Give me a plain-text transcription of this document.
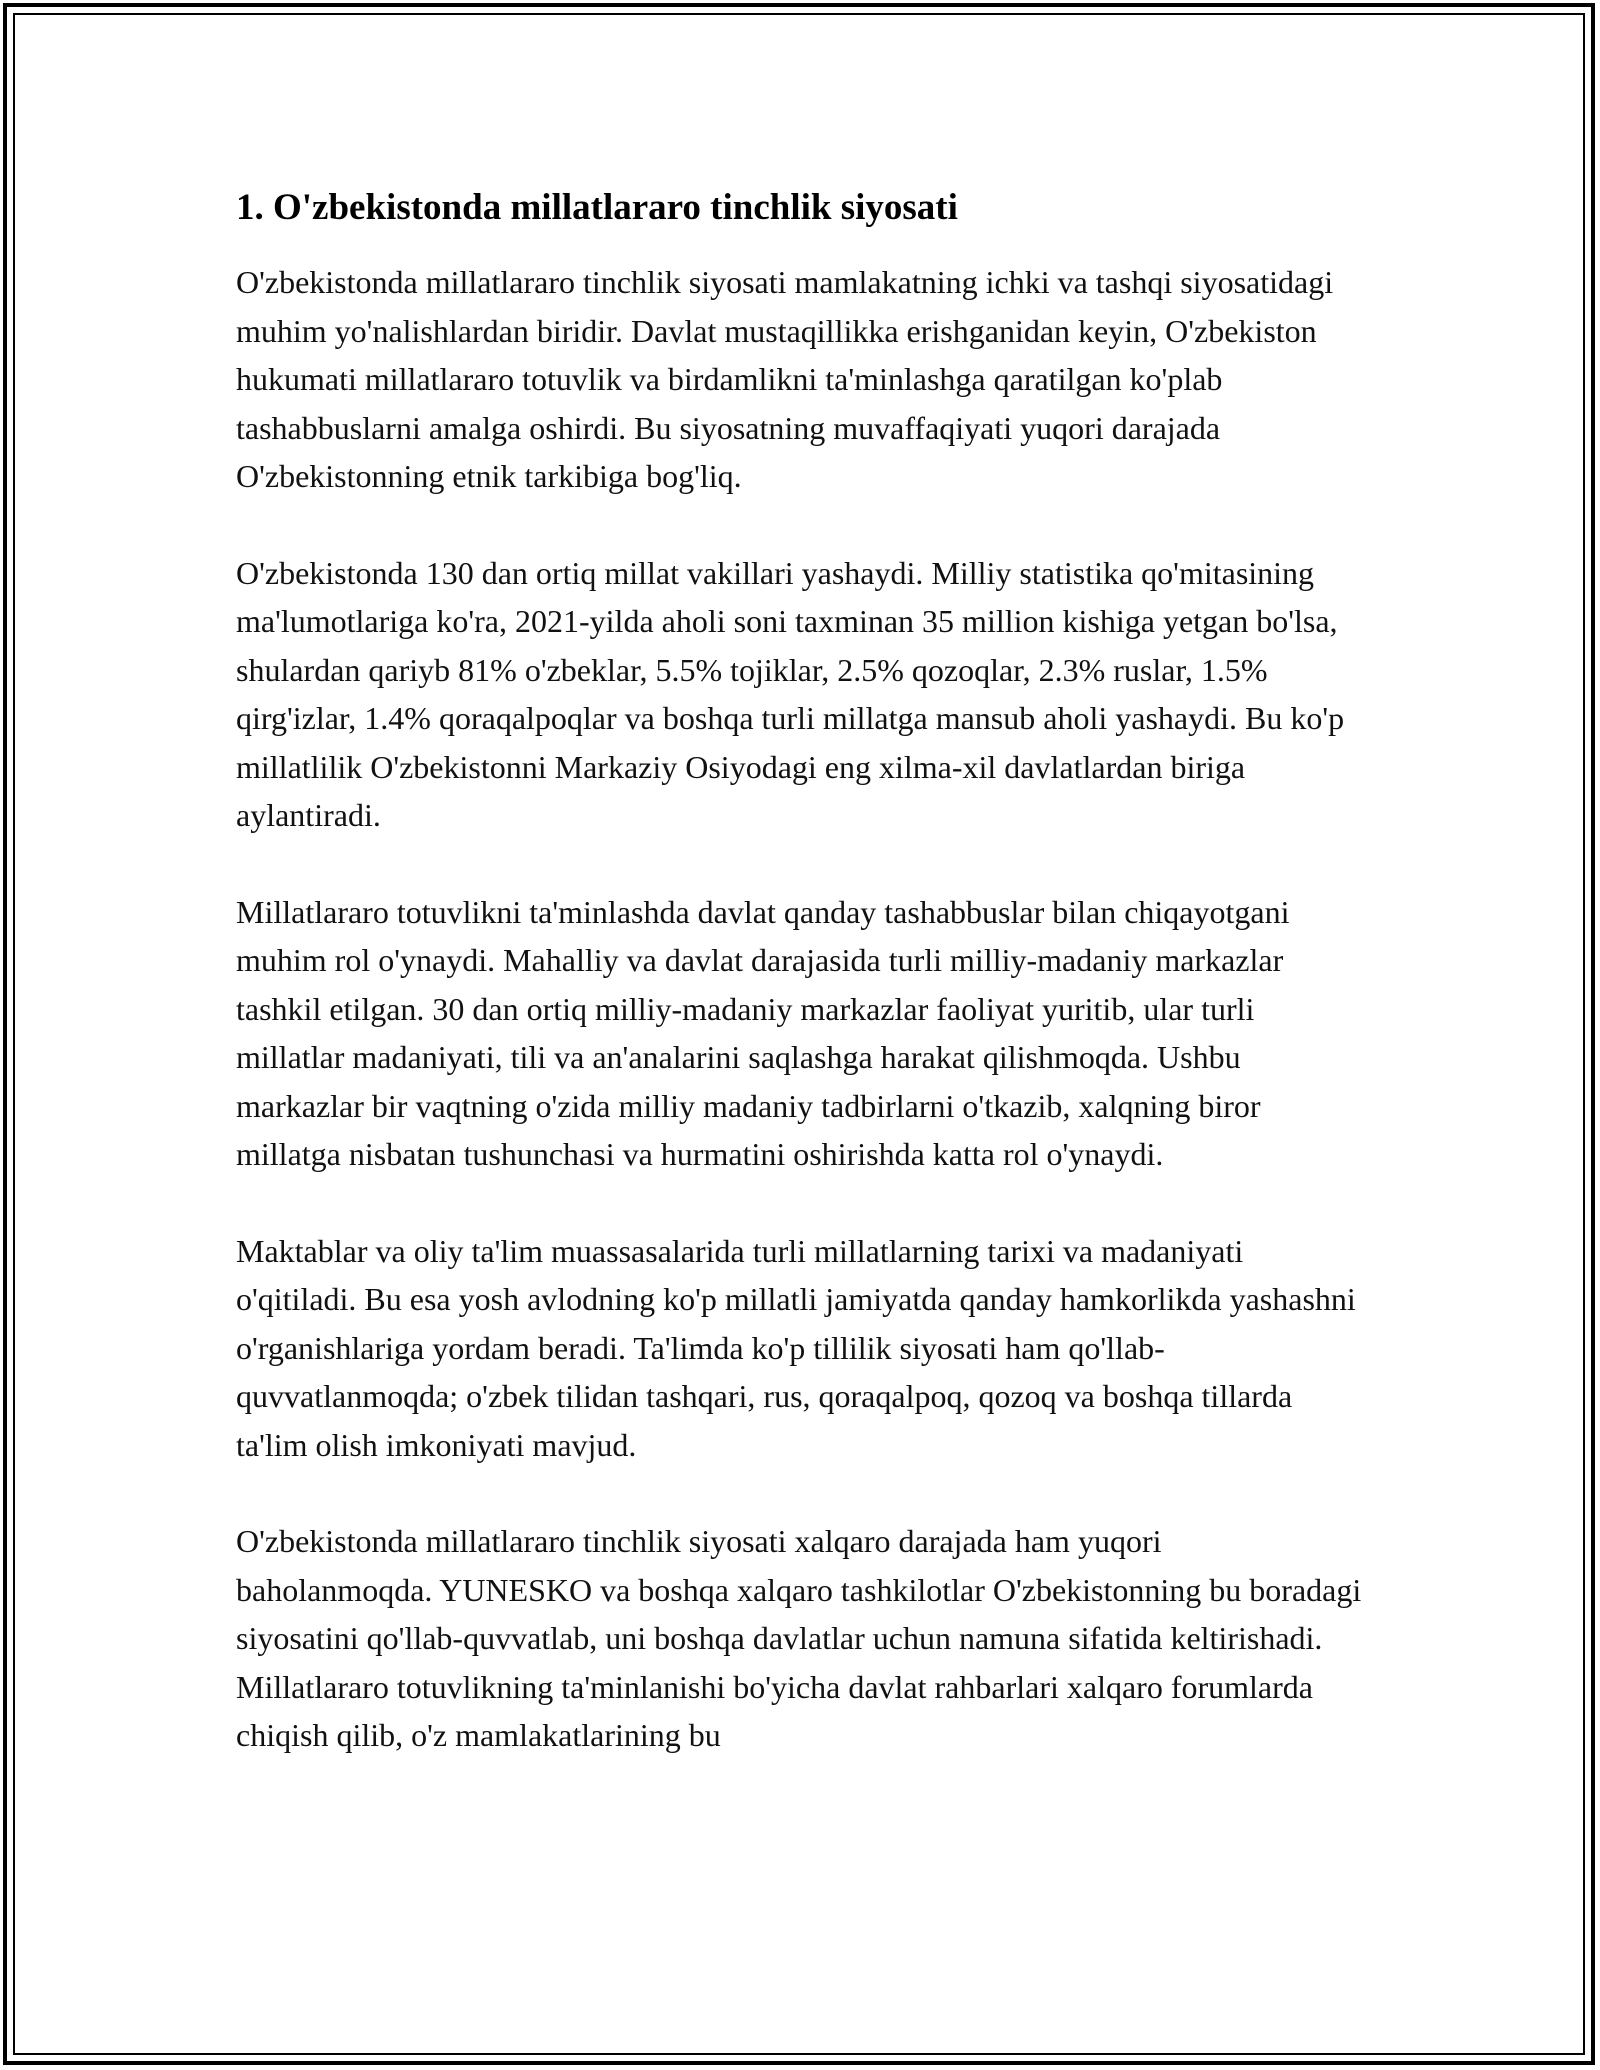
1. O'zbekistonda millatlararo tinchlik siyosati

O'zbekistonda millatlararo tinchlik siyosati mamlakatning ichki va tashqi siyosatidagi muhim yo'nalishlardan biridir. Davlat mustaqillikka erishganidan keyin, O'zbekiston hukumati millatlararo totuvlik va birdamlikni ta'minlashga qaratilgan ko'plab tashabbuslarni amalga oshirdi. Bu siyosatning muvaffaqiyati yuqori darajada O'zbekistonning etnik tarkibiga bog'liq.

O'zbekistonda 130 dan ortiq millat vakillari yashaydi. Milliy statistika qo'mitasining ma'lumotlariga ko'ra, 2021-yilda aholi soni taxminan 35 million kishiga yetgan bo'lsa, shulardan qariyb 81% o'zbeklar, 5.5% tojiklar, 2.5% qozoqlar, 2.3% ruslar, 1.5% qirg'izlar, 1.4% qoraqalpoqlar va boshqa turli millatga mansub aholi yashaydi. Bu ko'p millatlilik O'zbekistonni Markaziy Osiyodagi eng xilma-xil davlatlardan biriga aylantiradi.

Millatlararo totuvlikni ta'minlashda davlat qanday tashabbuslar bilan chiqayotgani muhim rol o'ynaydi. Mahalliy va davlat darajasida turli milliy-madaniy markazlar tashkil etilgan. 30 dan ortiq milliy-madaniy markazlar faoliyat yuritib, ular turli millatlar madaniyati, tili va an'analarini saqlashga harakat qilishmoqda. Ushbu markazlar bir vaqtning o'zida milliy madaniy tadbirlarni o'tkazib, xalqning biror millatga nisbatan tushunchasi va hurmatini oshirishda katta rol o'ynaydi.

Maktablar va oliy ta'lim muassasalarida turli millatlarning tarixi va madaniyati o'qitiladi. Bu esa yosh avlodning ko'p millatli jamiyatda qanday hamkorlikda yashashni o'rganishlariga yordam beradi. Ta'limda ko'p tillilik siyosati ham qo'llab-quvvatlanmoqda; o'zbek tilidan tashqari, rus, qoraqalpoq, qozoq va boshqa tillarda ta'lim olish imkoniyati mavjud.

O'zbekistonda millatlararo tinchlik siyosati xalqaro darajada ham yuqori baholanmoqda. YUNESKO va boshqa xalqaro tashkilotlar O'zbekistonning bu boradagi siyosatini qo'llab-quvvatlab, uni boshqa davlatlar uchun namuna sifatida keltirishadi. Millatlararo totuvlikning ta'minlanishi bo'yicha davlat rahbarlari xalqaro forumlarda chiqish qilib, o'z mamlakatlarining bu
